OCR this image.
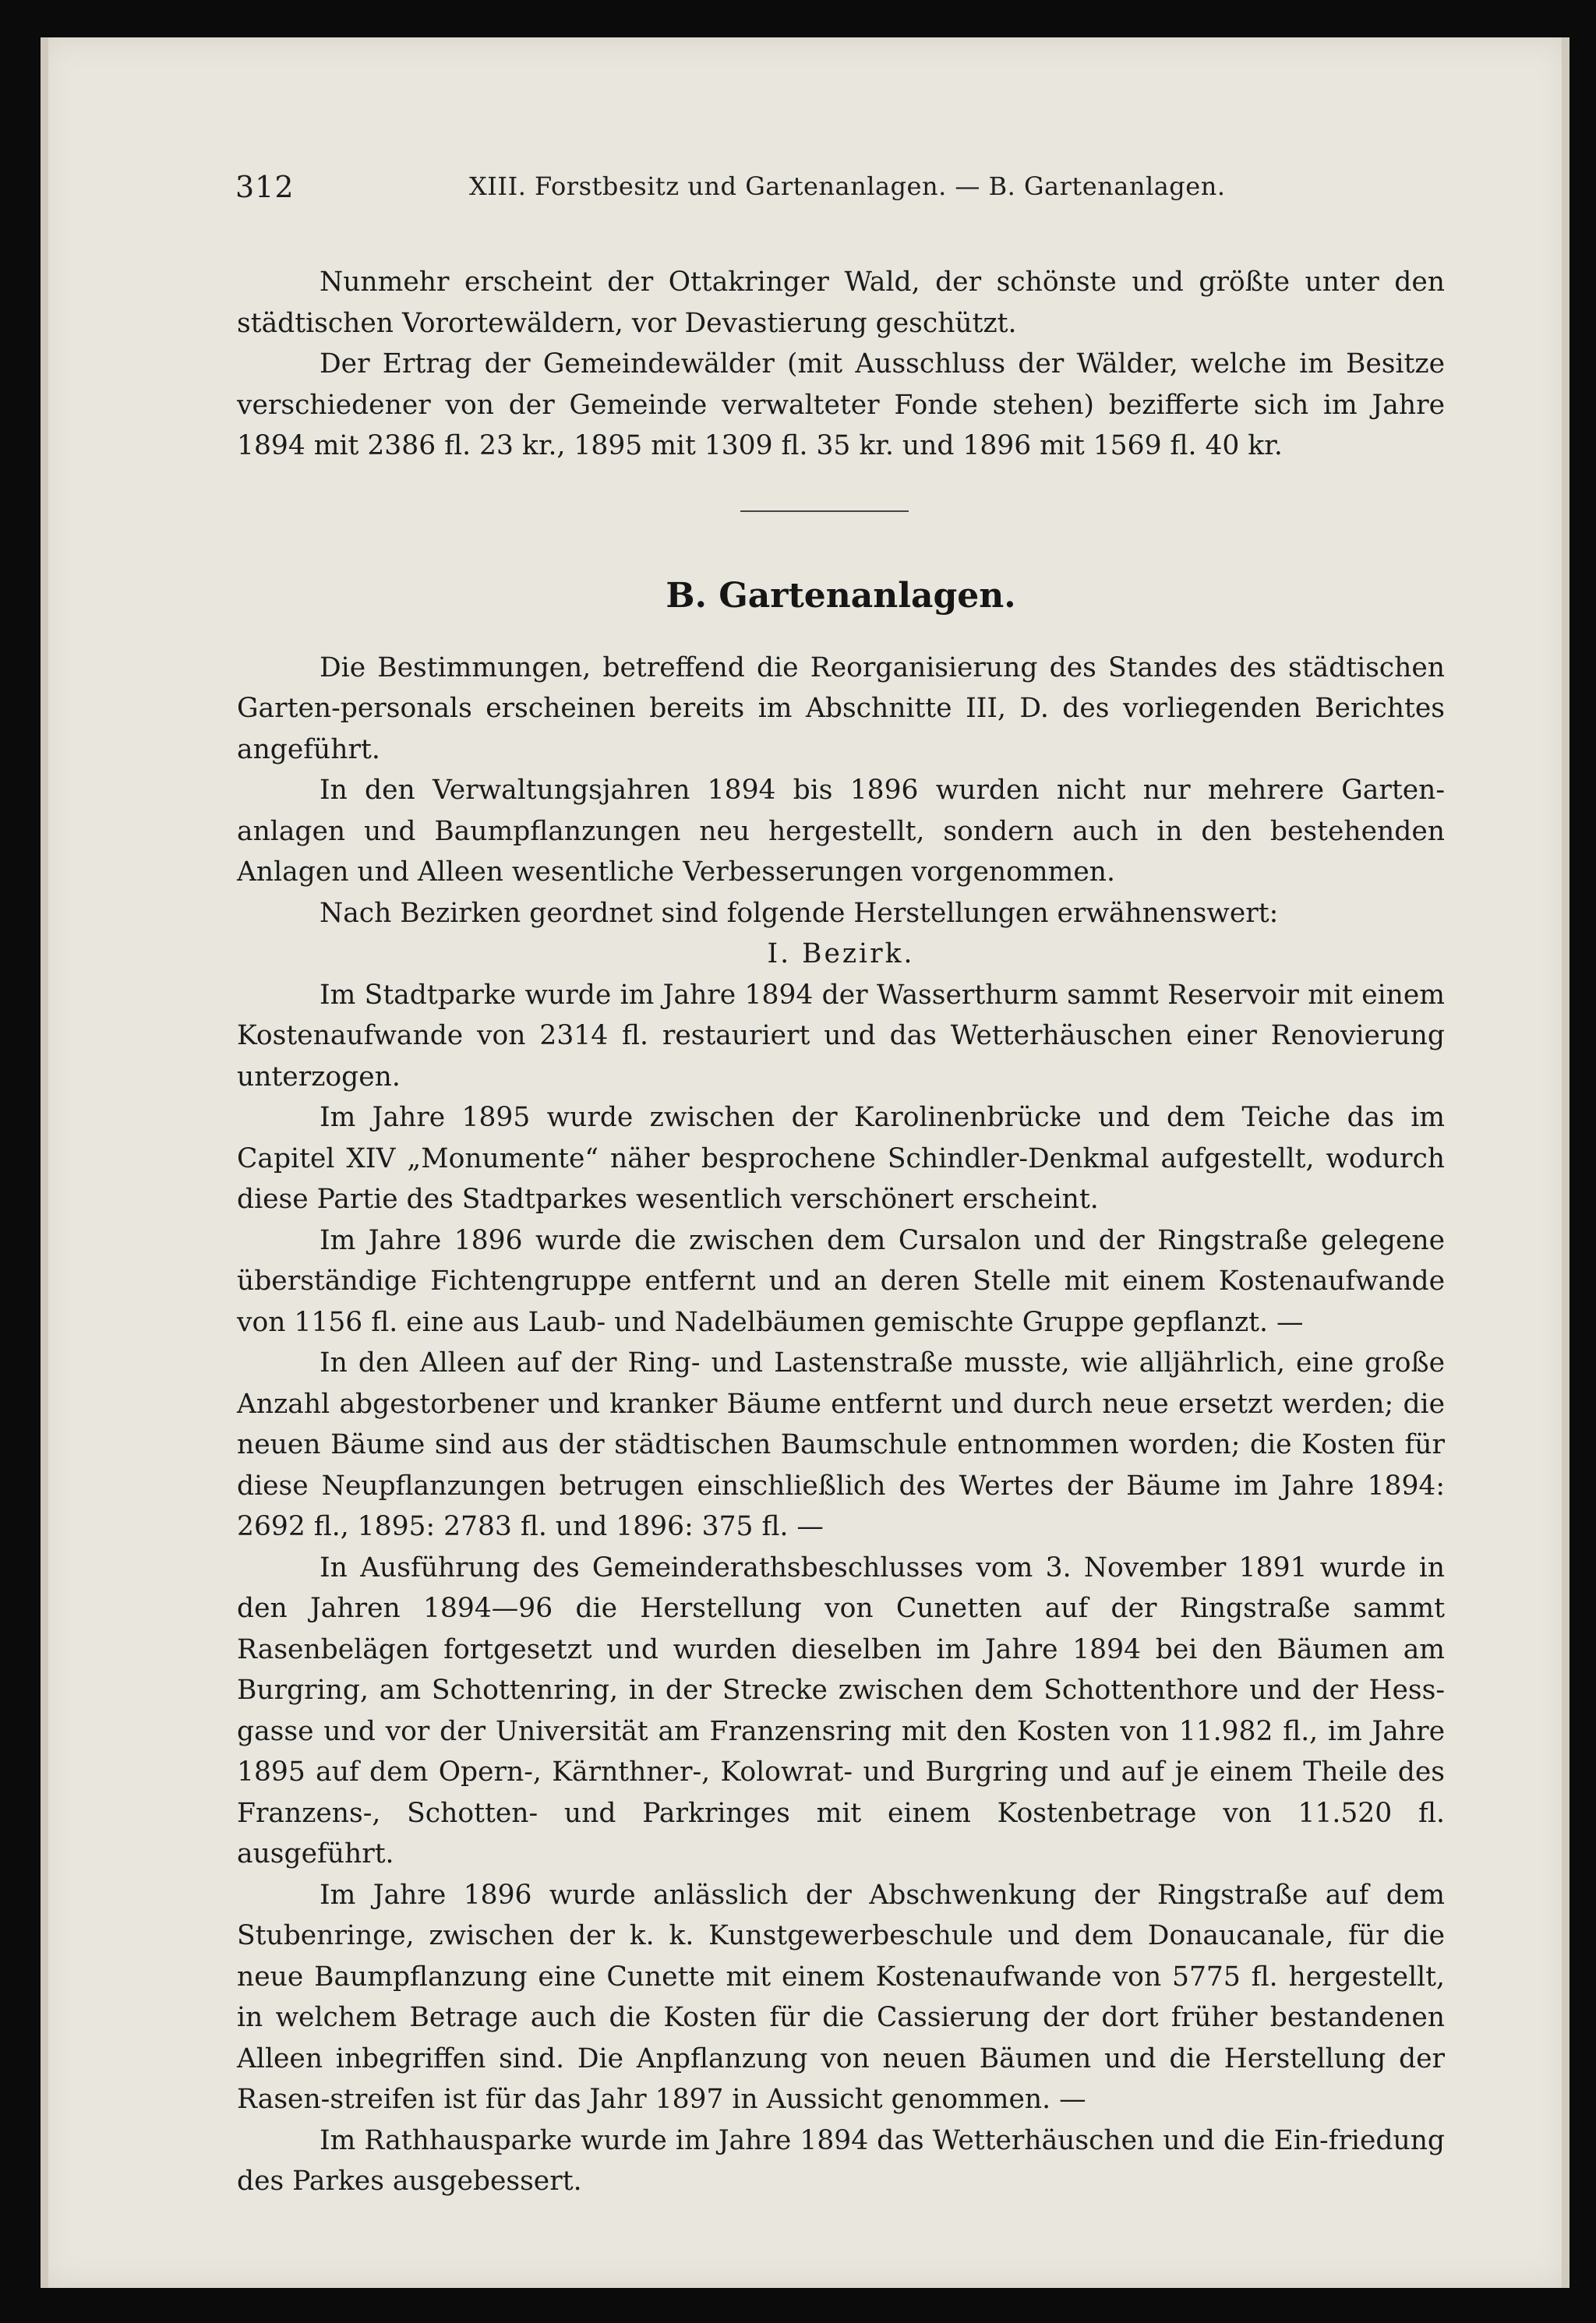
312	XIII. Forstbesitz und Gartenanlagen. — B. Gartenanlagen.

Nunmehr erscheint der Ottakringer Wald, der schönste und größte unter den städtischen Vorortewäldern, vor Devastierung geschützt.

Der Ertrag der Gemeindewälder (mit Ausschluss der Wälder, welche im Besitze verschiedener von der Gemeinde verwalteter Fonde stehen) bezifferte sich im Jahre 1894 mit 2386 fl. 23 kr., 1895 mit 1309 fl. 35 kr. und 1896 mit 1569 fl. 40 kr.

B. Gartenanlagen.

Die Bestimmungen, betreffend die Reorganisierung des Standes des städtischen Garten-personals erscheinen bereits im Abschnitte III, D. des vorliegenden Berichtes angeführt.

In den Verwaltungsjahren 1894 bis 1896 wurden nicht nur mehrere Garten-anlagen und Baumpflanzungen neu hergestellt, sondern auch in den bestehenden Anlagen und Alleen wesentliche Verbesserungen vorgenommen.

Nach Bezirken geordnet sind folgende Herstellungen erwähnenswert:

I. Bezirk.

Im Stadtparke wurde im Jahre 1894 der Wasserthurm sammt Reservoir mit einem Kostenaufwande von 2314 fl. restauriert und das Wetterhäuschen einer Renovierung unterzogen.

Im Jahre 1895 wurde zwischen der Karolinenbrücke und dem Teiche das im Capitel XIV „Monumente“ näher besprochene Schindler-Denkmal aufgestellt, wodurch diese Partie des Stadtparkes wesentlich verschönert erscheint.

Im Jahre 1896 wurde die zwischen dem Cursalon und der Ringstraße gelegene überständige Fichtengruppe entfernt und an deren Stelle mit einem Kostenaufwande von 1156 fl. eine aus Laub- und Nadelbäumen gemischte Gruppe gepflanzt. —

In den Alleen auf der Ring- und Lastenstraße musste, wie alljährlich, eine große Anzahl abgestorbener und kranker Bäume entfernt und durch neue ersetzt werden; die neuen Bäume sind aus der städtischen Baumschule entnommen worden; die Kosten für diese Neupflanzungen betrugen einschließlich des Wertes der Bäume im Jahre 1894: 2692 fl., 1895: 2783 fl. und 1896: 375 fl. —

In Ausführung des Gemeinderathsbeschlusses vom 3. November 1891 wurde in den Jahren 1894—96 die Herstellung von Cunetten auf der Ringstraße sammt Rasenbelägen fortgesetzt und wurden dieselben im Jahre 1894 bei den Bäumen am Burgring, am Schottenring, in der Strecke zwischen dem Schottenthore und der Hess-gasse und vor der Universität am Franzensring mit den Kosten von 11.982 fl., im Jahre 1895 auf dem Opern-, Kärnthner-, Kolowrat- und Burgring und auf je einem Theile des Franzens-, Schotten- und Parkringes mit einem Kostenbetrage von 11.520 fl. ausgeführt.

Im Jahre 1896 wurde anlässlich der Abschwenkung der Ringstraße auf dem Stubenringe, zwischen der k. k. Kunstgewerbeschule und dem Donaucanale, für die neue Baumpflanzung eine Cunette mit einem Kostenaufwande von 5775 fl. hergestellt, in welchem Betrage auch die Kosten für die Cassierung der dort früher bestandenen Alleen inbegriffen sind. Die Anpflanzung von neuen Bäumen und die Herstellung der Rasen-streifen ist für das Jahr 1897 in Aussicht genommen. —

Im Rathhausparke wurde im Jahre 1894 das Wetterhäuschen und die Ein-friedung des Parkes ausgebessert.
